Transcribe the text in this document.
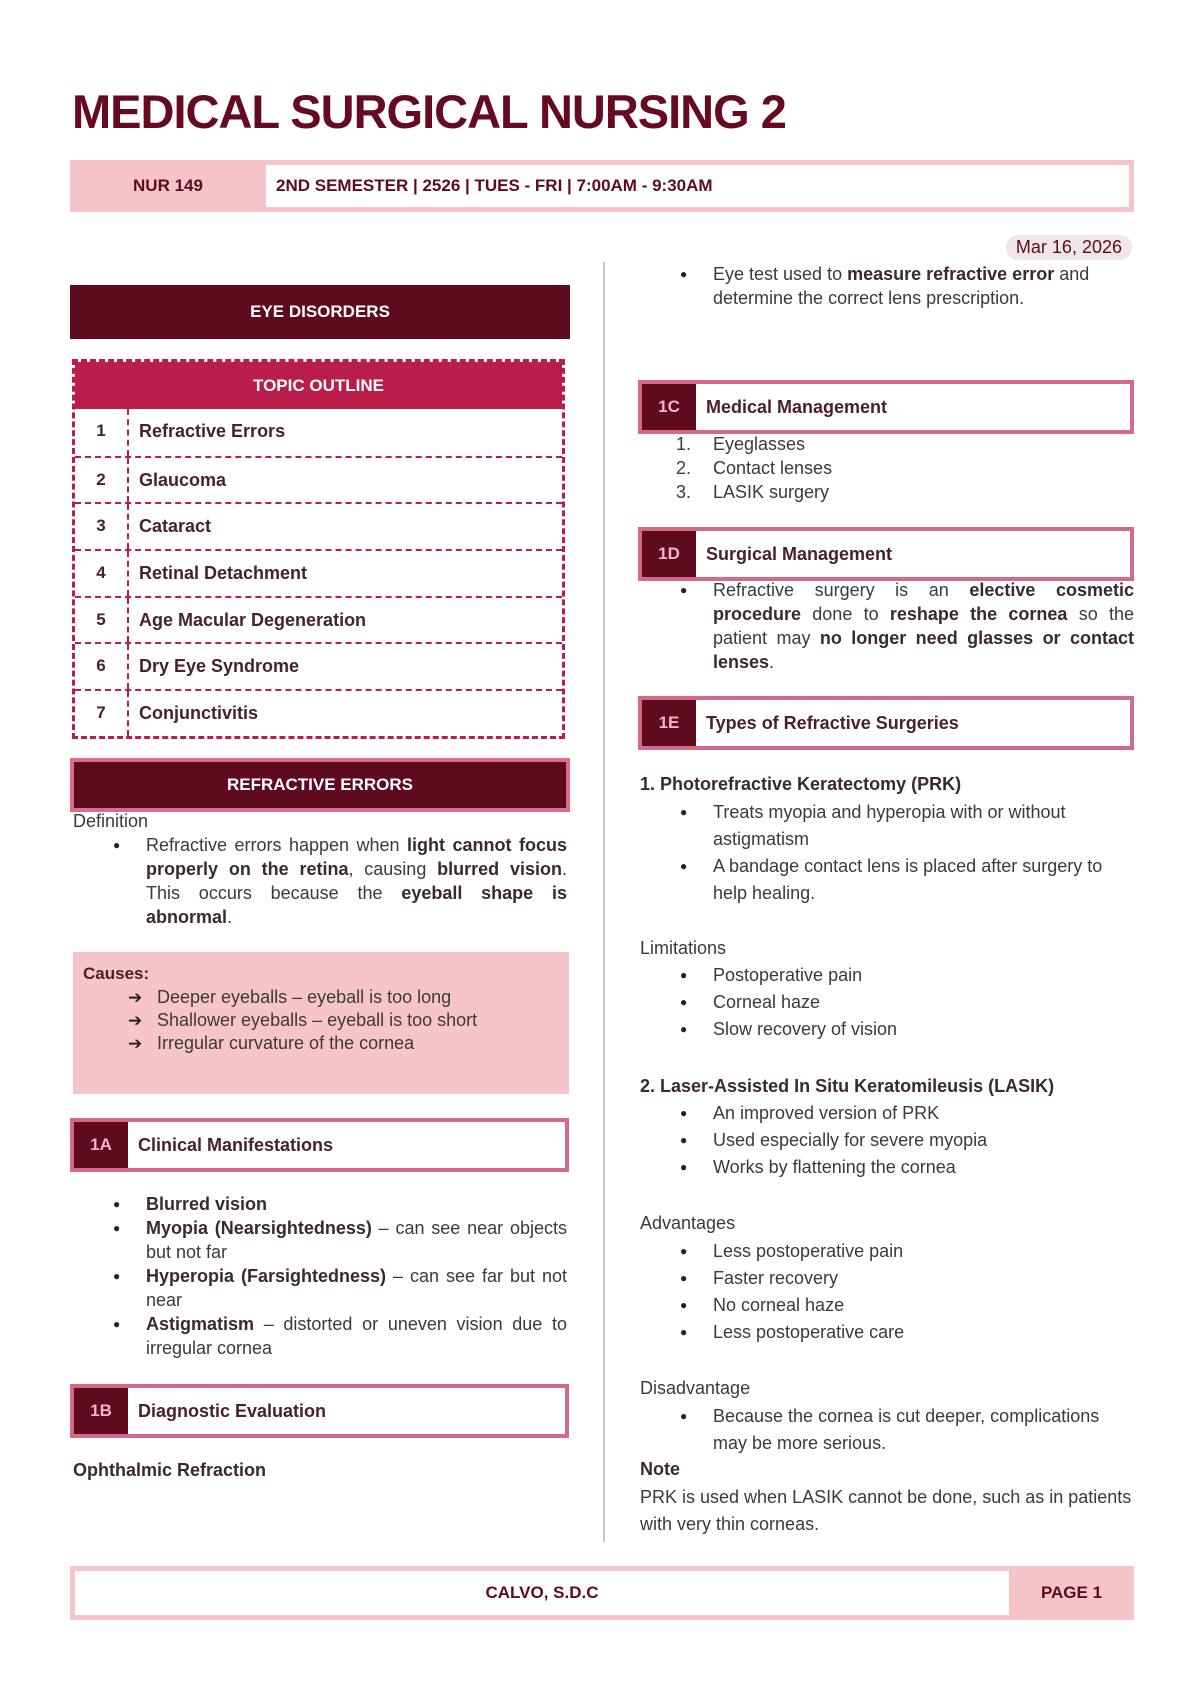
MEDICAL SURGICAL NURSING 2
NUR 149	2ND SEMESTER | 2526 | TUES - FRI | 7:00AM - 9:30AM
Mar 16, 2026
EYE DISORDERS
TOPIC OUTLINE
1	Refractive Errors
2	Glaucoma
3	Cataract
4	Retinal Detachment
5	Age Macular Degeneration
6	Dry Eye Syndrome
7	Conjunctivitis
REFRACTIVE ERRORS
Definition
● Refractive errors happen when light cannot focus properly on the retina, causing blurred vision. This occurs because the eyeball shape is abnormal.
Causes:
➔ Deeper eyeballs – eyeball is too long
➔ Shallower eyeballs – eyeball is too short
➔ Irregular curvature of the cornea
1A	Clinical Manifestations
● Blurred vision
● Myopia (Nearsightedness) – can see near objects but not far
● Hyperopia (Farsightedness) – can see far but not near
● Astigmatism – distorted or uneven vision due to irregular cornea
1B	Diagnostic Evaluation
Ophthalmic Refraction
● Eye test used to measure refractive error and determine the correct lens prescription.
1C	Medical Management
1. Eyeglasses
2. Contact lenses
3. LASIK surgery
1D	Surgical Management
● Refractive surgery is an elective cosmetic procedure done to reshape the cornea so the patient may no longer need glasses or contact lenses.
1E	Types of Refractive Surgeries
1. Photorefractive Keratectomy (PRK)
● Treats myopia and hyperopia with or without astigmatism
● A bandage contact lens is placed after surgery to help healing.
Limitations
● Postoperative pain
● Corneal haze
● Slow recovery of vision
2. Laser-Assisted In Situ Keratomileusis (LASIK)
● An improved version of PRK
● Used especially for severe myopia
● Works by flattening the cornea
Advantages
● Less postoperative pain
● Faster recovery
● No corneal haze
● Less postoperative care
Disadvantage
● Because the cornea is cut deeper, complications may be more serious.
Note
PRK is used when LASIK cannot be done, such as in patients with very thin corneas.
CALVO, S.D.C	PAGE 1
